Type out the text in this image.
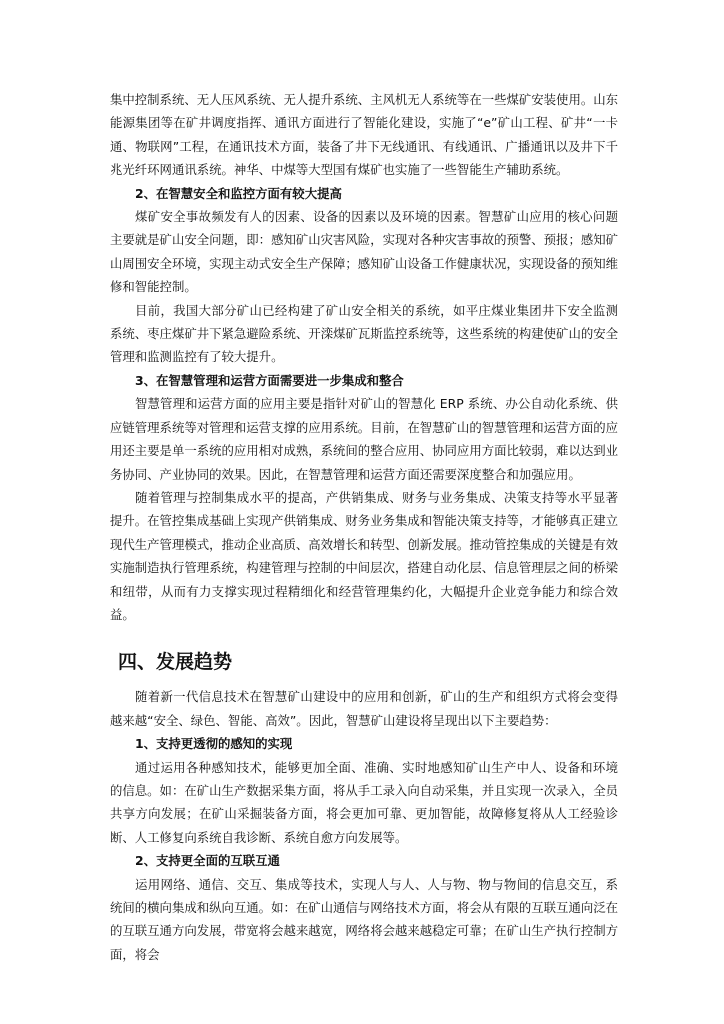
集中控制系统、无人压风系统、无人提升系统、主风机无人系统等在一些煤矿安装使用。山东能源集团等在矿井调度指挥、通讯方面进行了智能化建设，实施了“e”矿山工程、矿井“一卡通、物联网”工程，在通讯技术方面，装备了井下无线通讯、有线通讯、广播通讯以及井下千兆光纤环网通讯系统。神华、中煤等大型国有煤矿也实施了一些智能生产辅助系统。

2、在智慧安全和监控方面有较大提高

煤矿安全事故频发有人的因素、设备的因素以及环境的因素。智慧矿山应用的核心问题主要就是矿山安全问题，即：感知矿山灾害风险，实现对各种灾害事故的预警、预报；感知矿山周围安全环境，实现主动式安全生产保障；感知矿山设备工作健康状况，实现设备的预知维修和智能控制。

目前，我国大部分矿山已经构建了矿山安全相关的系统，如平庄煤业集团井下安全监测系统、枣庄煤矿井下紧急避险系统、开滦煤矿瓦斯监控系统等，这些系统的构建使矿山的安全管理和监测监控有了较大提升。

3、在智慧管理和运营方面需要进一步集成和整合

智慧管理和运营方面的应用主要是指针对矿山的智慧化 ERP 系统、办公自动化系统、供应链管理系统等对管理和运营支撑的应用系统。目前，在智慧矿山的智慧管理和运营方面的应用还主要是单一系统的应用相对成熟，系统间的整合应用、协同应用方面比较弱，难以达到业务协同、产业协同的效果。因此，在智慧管理和运营方面还需要深度整合和加强应用。

随着管理与控制集成水平的提高，产供销集成、财务与业务集成、决策支持等水平显著提升。在管控集成基础上实现产供销集成、财务业务集成和智能决策支持等，才能够真正建立现代生产管理模式，推动企业高质、高效增长和转型、创新发展。推动管控集成的关键是有效实施制造执行管理系统，构建管理与控制的中间层次，搭建自动化层、信息管理层之间的桥梁和纽带，从而有力支撑实现过程精细化和经营管理集约化，大幅提升企业竞争能力和综合效益。

四、发展趋势

随着新一代信息技术在智慧矿山建设中的应用和创新，矿山的生产和组织方式将会变得越来越“安全、绿色、智能、高效”。因此，智慧矿山建设将呈现出以下主要趋势：

1、支持更透彻的感知的实现

通过运用各种感知技术，能够更加全面、准确、实时地感知矿山生产中人、设备和环境的信息。如：在矿山生产数据采集方面，将从手工录入向自动采集，并且实现一次录入，全员共享方向发展；在矿山采掘装备方面，将会更加可靠、更加智能，故障修复将从人工经验诊断、人工修复向系统自我诊断、系统自愈方向发展等。

2、支持更全面的互联互通

运用网络、通信、交互、集成等技术，实现人与人、人与物、物与物间的信息交互，系统间的横向集成和纵向互通。如：在矿山通信与网络技术方面，将会从有限的互联互通向泛在的互联互通方向发展，带宽将会越来越宽，网络将会越来越稳定可靠；在矿山生产执行控制方面，将会
